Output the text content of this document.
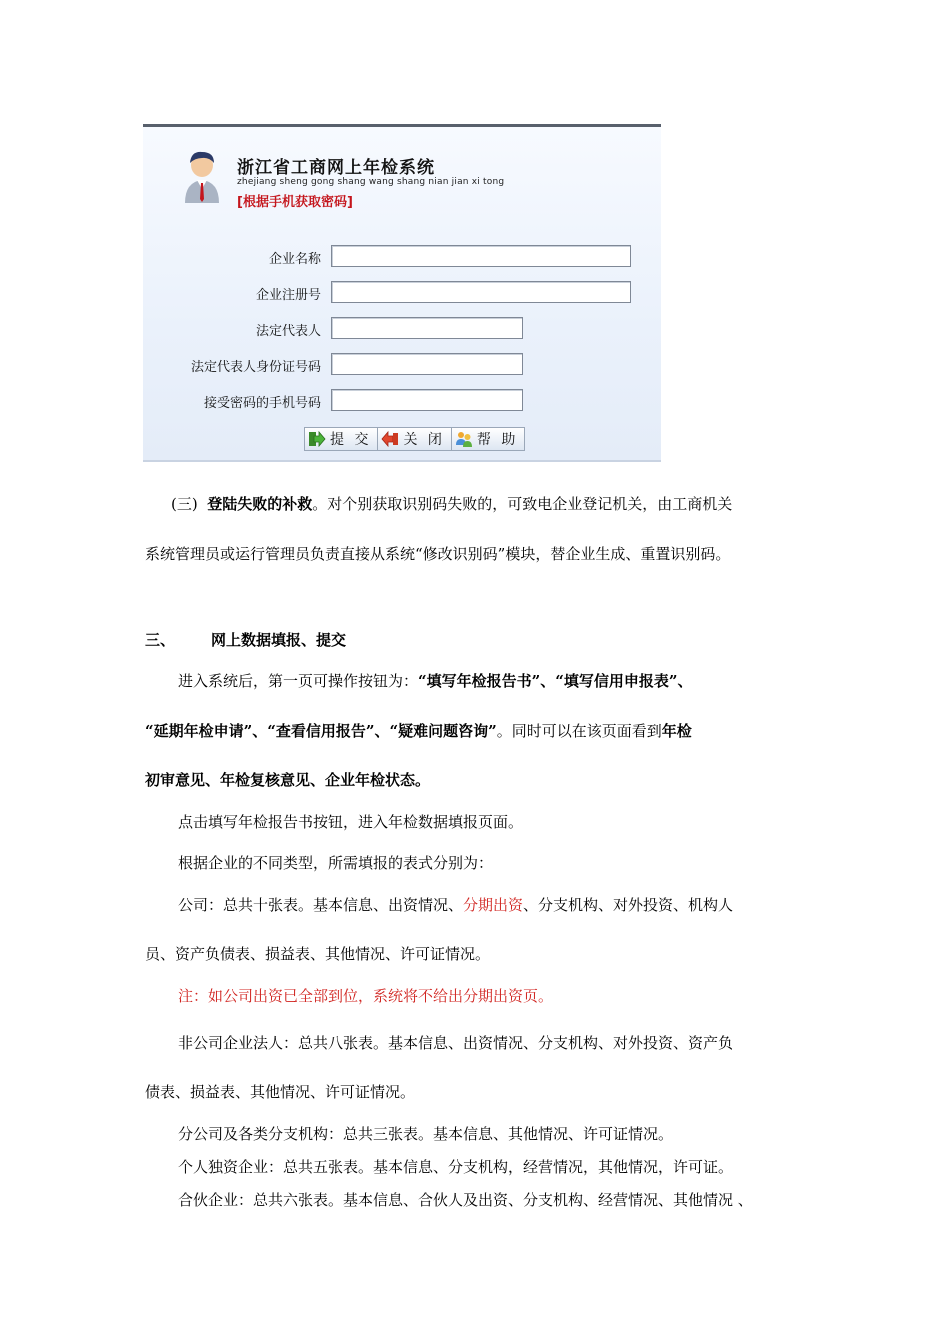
浙江省工商网上年检系统
zhejiang sheng gong shang wang shang nian jian xi tong
[根据手机获取密码]
企业名称
企业注册号
法定代表人
法定代表人身份证号码
接受密码的手机号码
提 交 关 闭 帮 助
(三) 登陆失败的补救。对个别获取识别码失败的，可致电企业登记机关，由工商机关
系统管理员或运行管理员负责直接从系统“修改识别码”模块，替企业生成、重置识别码。
三、 网上数据填报、提交
进入系统后，第一页可操作按钮为：“填写年检报告书”、“填写信用申报表”、
“延期年检申请”、“查看信用报告”、“疑难问题咨询”。同时可以在该页面看到年检
初审意见、年检复核意见、企业年检状态。
点击填写年检报告书按钮，进入年检数据填报页面。
根据企业的不同类型，所需填报的表式分别为：
公司：总共十张表。基本信息、出资情况、分期出资、分支机构、对外投资、机构人
员、资产负债表、损益表、其他情况、许可证情况。
注：如公司出资已全部到位，系统将不给出分期出资页。
非公司企业法人：总共八张表。基本信息、出资情况、分支机构、对外投资、资产负
债表、损益表、其他情况、许可证情况。
分公司及各类分支机构：总共三张表。基本信息、其他情况、许可证情况。
个人独资企业：总共五张表。基本信息、分支机构，经营情况，其他情况，许可证。
合伙企业：总共六张表。基本信息、合伙人及出资、分支机构、经营情况、其他情况 、
